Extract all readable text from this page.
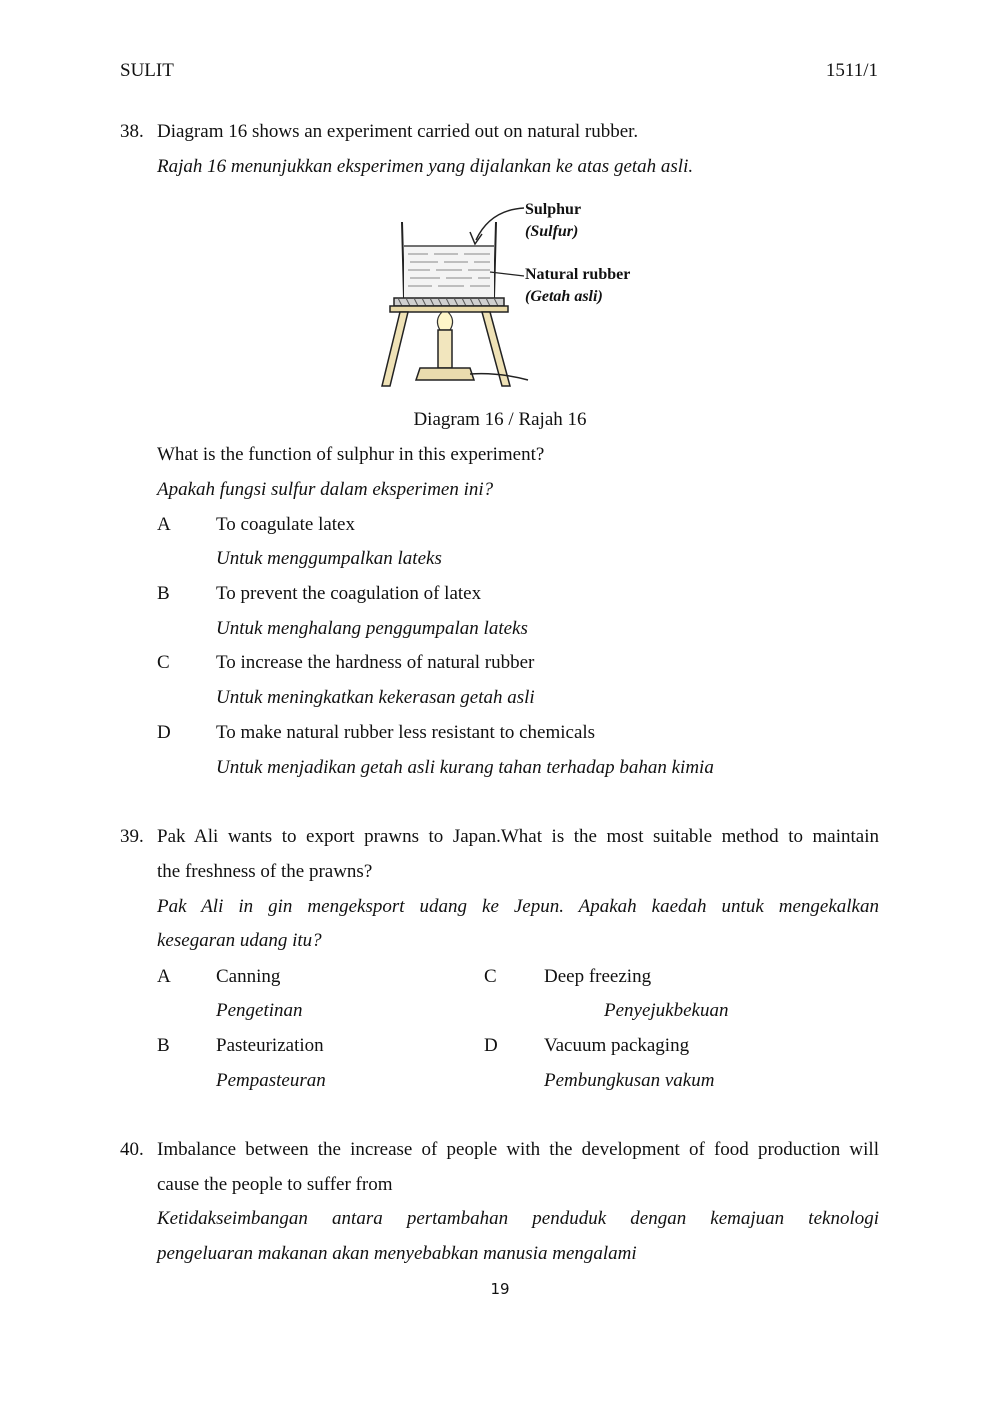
SULIT	1511/1
38. Diagram 16 shows an experiment carried out on natural rubber.
Rajah 16 menunjukkan eksperimen yang dijalankan ke atas getah asli.
Sulphur
(Sulfur)
Natural rubber
(Getah asli)
Diagram 16 / Rajah 16
What is the function of sulphur in this experiment?
Apakah fungsi sulfur dalam eksperimen ini?
A To coagulate latex
Untuk menggumpalkan lateks
B To prevent the coagulation of latex
Untuk menghalang penggumpalan lateks
C To increase the hardness of natural rubber
Untuk meningkatkan kekerasan getah asli
D To make natural rubber less resistant to chemicals
Untuk menjadikan getah asli kurang tahan terhadap bahan kimia
39. Pak Ali wants to export prawns to Japan.What is the most suitable method to maintain
the freshness of the prawns?
Pak Ali in gin mengeksport udang ke Jepun. Apakah kaedah untuk mengekalkan
kesegaran udang itu?
A Canning
Pengetinan
B Pasteurization
Pempasteuran
C Deep freezing
Penyejukbekuan
D Vacuum packaging
Pembungkusan vakum
40. Imbalance between the increase of people with the development of food production will
cause the people to suffer from
Ketidakseimbangan antara pertambahan penduduk dengan kemajuan teknologi
pengeluaran makanan akan menyebabkan manusia mengalami
19
